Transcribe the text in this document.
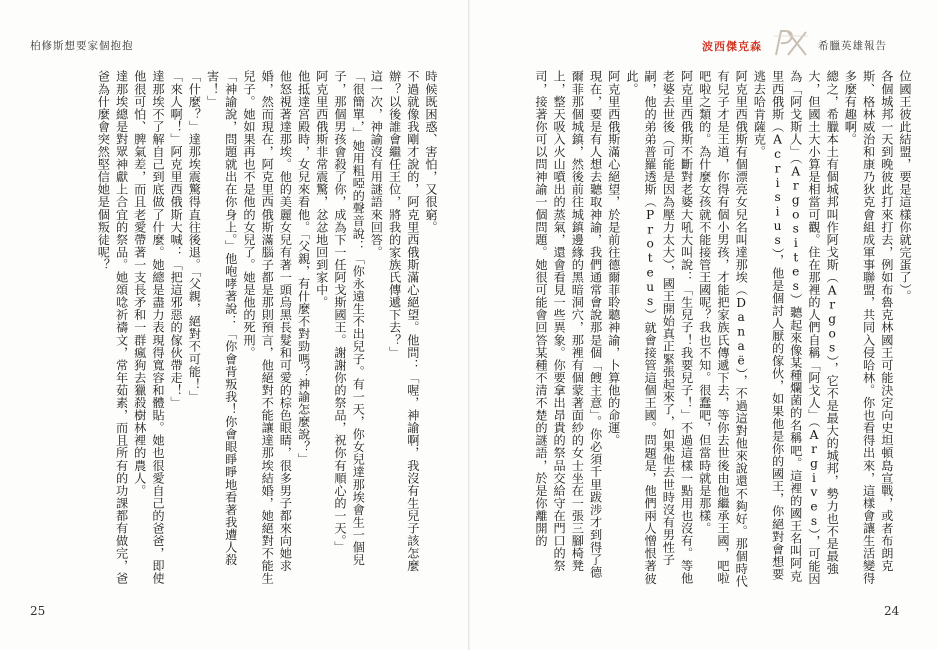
柏修斯想要家個抱抱

時候既困惑、害怕，又很窮。

不過就像我剛才說的，阿克里西俄斯滿心絕望。他問：「喔，神諭啊，我沒有生兒子該怎麼辦？以後誰會繼任王位，將我的家族氏傳遞下去？」

這一次，神諭沒有用謎語來回答。

「很簡單，」她用粗啞的聲音說：「你永遠生不出兒子。有一天，你女兒達那埃會生一個兒子，那個男孩會殺了你，成為下一任阿戈斯國王。謝謝你的祭品，祝你有順心的一天。」

阿克里西俄斯非常震驚，忿忿地回到家中。

他抵達宮殿時，女兒來看他。「父親，有什麼不對勁嗎？神諭怎麼說？」

他怒視著達那埃。他的美麗女兒有著一頭烏黑長髮和可愛的棕色眼睛，很多男子都來向她求婚，然而現在，阿克里西俄斯滿腦子都是那則預言，他絕對不能讓達那埃結婚，她絕對不能生兒子。她如果再也不是他的女兒了。她是他的死刑。

「神諭說，問題就出在你身上。」他咆哮著說：「你會背叛我！你會眼睜睜地看著我遭人殺害！」

「什麼？」達那埃震驚得直往後退。「父親，絕對不可能！」

「來人啊！」阿克里西俄斯大喊：「把這邪惡的傢伙帶走！」

達那埃不了解自己到底做了什麼。她總是盡力表現得寬容和體貼。她也很愛自己的爸爸，即使他很可怕、脾氣差，而且老愛帶著一支長矛和一群瘋狗去獵殺樹林裡的農人。

達那埃總是對眾神獻上合宜的祭品。她頌唸祈禱文，常年茹素，而且所有的功課都有做完，爸爸為什麼會突然堅信她是個叛徒呢？

25
波西傑克森	希臘英雄報告

位國王彼此結盟，要是這樣你就完蛋了）。

各個城邦一天到晚彼此打來打去，例如布魯克林國王可能決定向史坦頓島宣戰，或者布朗克斯、格林威治和康乃狄克會組成軍事聯盟，共同入侵哈林。你也看得出來，這樣會讓生活變得多麼有趣啊。

總之，希臘本土有個城邦叫作阿戈斯（Argos），它不是最大的城邦，勢力也不是最強大，但國土大小算是相當可觀。住在那裡的人們自稱「阿戈人」（Argives），可能因為「阿戈斯人」（Argosites）聽起來像某種爛菌的名稱吧。這裡的國王名叫阿克里西俄斯（Acrisius），他是個討人厭的傢伙，如果他是你的國王，你絕對會想要逃去哈肯薩克。

阿克里西俄斯有個漂亮女兒名叫達那埃（Danaë），不過這對他來說還不夠好。那個時代有兒子才是王道，你得有個小男孩，才能把家族氏傳遞下去，等你去世後由他繼承王國，吧啦吧啦之類的。為什麼女孩就不能接管王國呢？我也不知。很蠢吧，但當時就是那樣。

阿克里西俄斯不斷對老婆大吼大叫說：「生兒子！我要兒子！」不過這樣一點用也沒有。等他老婆去世後（可能是因為壓力太大），國王開始真正緊張起來了，如果他去世時沒有男性子嗣，他的弟弟普羅透斯（Proteus）就會接管這個王國。問題是，他們兩人憎恨著彼此。

阿克里西俄斯滿心絕望，於是前往德爾菲聆聽神諭，卜算他的命運。

現在，要是有人想去聽取神諭，我們通常會說那是個「餿主意」。你必須千里跋涉才到得了德爾菲那個城鎮，然後前往城鎮邊緣的黑暗洞穴，那裡有個蒙著面紗的女士坐在一張三腳椅凳上，整天吸入火山噴出的蒸氣，還會看見一些異象。你要拿出昂貴的祭品交給守在門口的祭司，接著你可以問神諭一個問題。她很可能會回答某種不清不楚的謎語，於是你離開的

24
